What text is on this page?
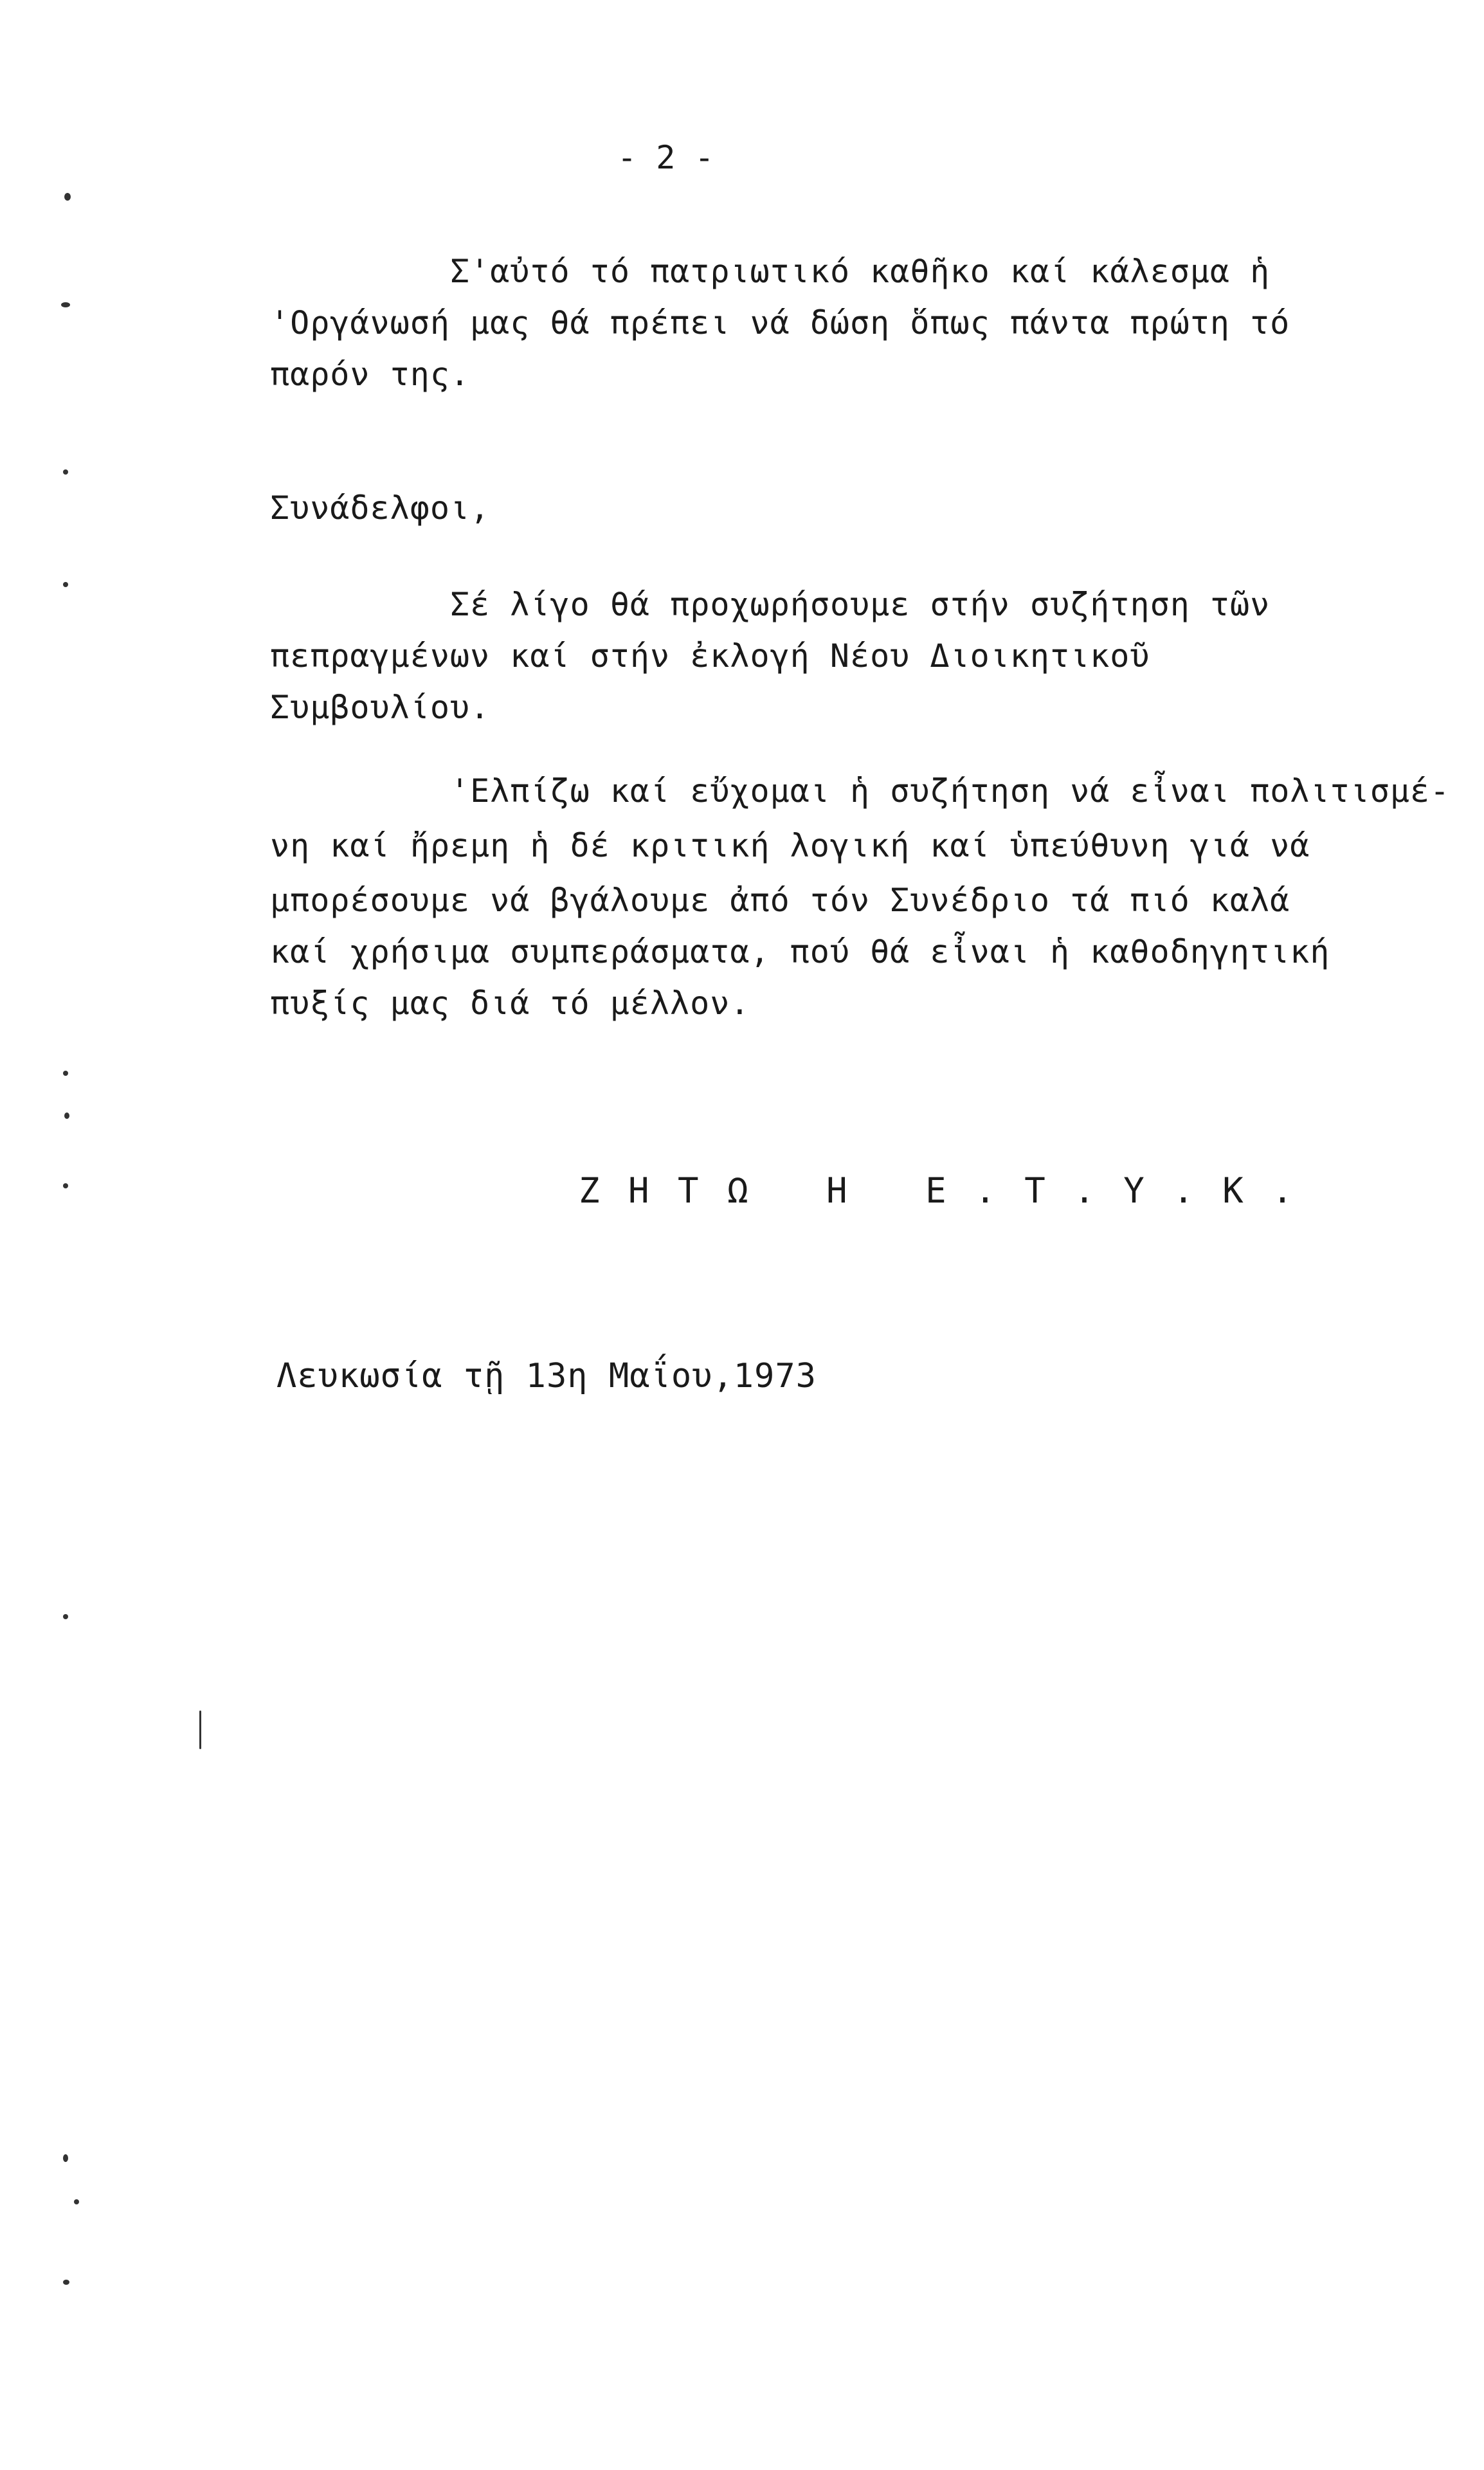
- 2 -
Σ'αὐτό τό πατριωτικό καθῆκο καί κάλεσμα ἡ
'Οργάνωσή μας θά πρέπει νά δώση ὅπως πάντα πρώτη τό
παρόν της.
Συνάδελφοι,
Σέ λίγο θά προχωρήσουμε στήν συζήτηση τῶν
πεπραγμένων καί στήν ἐκλογή Νέου Διοικητικοῦ
Συμβουλίου.
'Ελπίζω καί εὔχομαι ἡ συζήτηση νά εἶναι πολιτισμέ-
νη καί ἤρεμη ἡ δέ κριτική λογική καί ὑπεύθυνη γιά νά
μπορέσουμε νά βγάλουμε ἀπό τόν Συνέδριο τά πιό καλά
καί χρήσιμα συμπεράσματα, πού θά εἶναι ἡ καθοδηγητική
πυξίς μας διά τό μέλλον.
Ζ Η Τ Ω   Η   Ε . Τ . Υ . Κ .
Λευκωσία τῇ 13η Μαΐου,1973
